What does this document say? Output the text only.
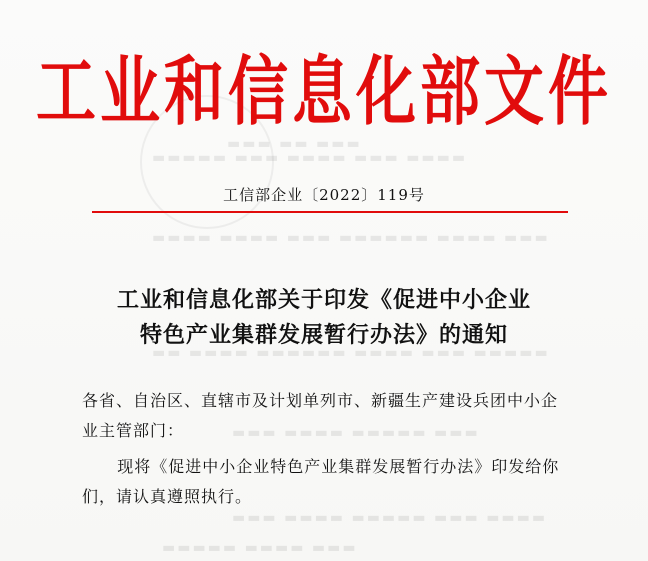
▬▬▬ ▬▬ ▬▬▬
▬▬▬▬ ▬▬▬ ▬▬▬▬ ▬▬▬ ▬▬▬▬▬
▬▬▬ ▬▬▬▬ ▬▬▬▬▬▬ ▬▬▬ ▬▬▬▬ ▬▬▬▬
▬▬▬▬▬ ▬▬▬ ▬▬▬▬ ▬▬▬▬▬▬ ▬▬▬▬ ▬▬
▬▬▬ ▬▬▬▬▬ ▬▬▬▬ ▬▬▬
▬▬▬▬ ▬▬▬ ▬▬▬▬▬ ▬▬▬▬ ▬▬▬
▬▬▬ ▬▬▬▬ ▬▬▬▬▬
工业和信息化部文件
工信部企业〔2022〕119号
工业和信息化部关于印发《促进中小企业
特色产业集群发展暂行办法》的通知
各省、自治区、直辖市及计划单列市、新疆生产建设兵团中小企业主管部门：
现将《促进中小企业特色产业集群发展暂行办法》印发给你们，请认真遵照执行。
